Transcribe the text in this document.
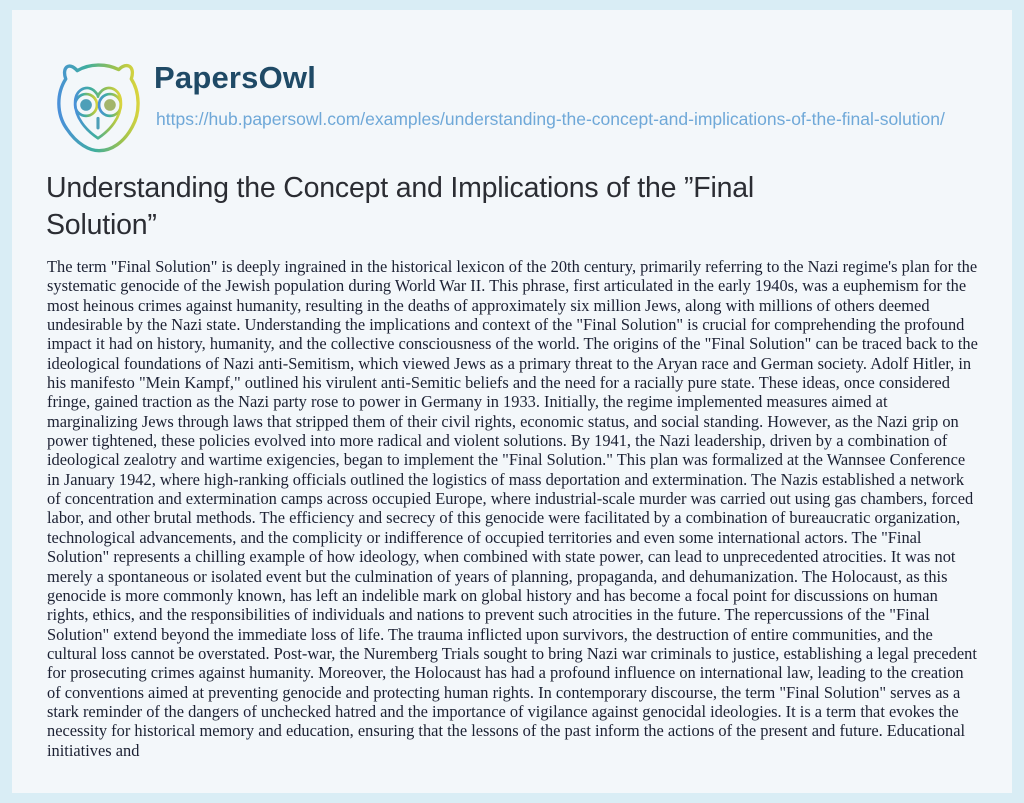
PapersOwl
https://hub.papersowl.com/examples/understanding-the-concept-and-implications-of-the-final-solution/
Understanding the Concept and Implications of the ”Final Solution”

The term "Final Solution" is deeply ingrained in the historical lexicon of the 20th century, primarily referring to the Nazi regime's plan for the systematic genocide of the Jewish population during World War II. This phrase, first articulated in the early 1940s, was a euphemism for the most heinous crimes against humanity, resulting in the deaths of approximately six million Jews, along with millions of others deemed undesirable by the Nazi state. Understanding the implications and context of the "Final Solution" is crucial for comprehending the profound impact it had on history, humanity, and the collective consciousness of the world. The origins of the "Final Solution" can be traced back to the ideological foundations of Nazi anti-Semitism, which viewed Jews as a primary threat to the Aryan race and German society. Adolf Hitler, in his manifesto "Mein Kampf," outlined his virulent anti-Semitic beliefs and the need for a racially pure state. These ideas, once considered fringe, gained traction as the Nazi party rose to power in Germany in 1933. Initially, the regime implemented measures aimed at marginalizing Jews through laws that stripped them of their civil rights, economic status, and social standing. However, as the Nazi grip on power tightened, these policies evolved into more radical and violent solutions. By 1941, the Nazi leadership, driven by a combination of ideological zealotry and wartime exigencies, began to implement the "Final Solution." This plan was formalized at the Wannsee Conference in January 1942, where high-ranking officials outlined the logistics of mass deportation and extermination. The Nazis established a network of concentration and extermination camps across occupied Europe, where industrial-scale murder was carried out using gas chambers, forced labor, and other brutal methods. The efficiency and secrecy of this genocide were facilitated by a combination of bureaucratic organization, technological advancements, and the complicity or indifference of occupied territories and even some international actors. The "Final Solution" represents a chilling example of how ideology, when combined with state power, can lead to unprecedented atrocities. It was not merely a spontaneous or isolated event but the culmination of years of planning, propaganda, and dehumanization. The Holocaust, as this genocide is more commonly known, has left an indelible mark on global history and has become a focal point for discussions on human rights, ethics, and the responsibilities of individuals and nations to prevent such atrocities in the future. The repercussions of the "Final Solution" extend beyond the immediate loss of life. The trauma inflicted upon survivors, the destruction of entire communities, and the cultural loss cannot be overstated. Post-war, the Nuremberg Trials sought to bring Nazi war criminals to justice, establishing a legal precedent for prosecuting crimes against humanity. Moreover, the Holocaust has had a profound influence on international law, leading to the creation of conventions aimed at preventing genocide and protecting human rights. In contemporary discourse, the term "Final Solution" serves as a stark reminder of the dangers of unchecked hatred and the importance of vigilance against genocidal ideologies. It is a term that evokes the necessity for historical memory and education, ensuring that the lessons of the past inform the actions of the present and future. Educational initiatives and
